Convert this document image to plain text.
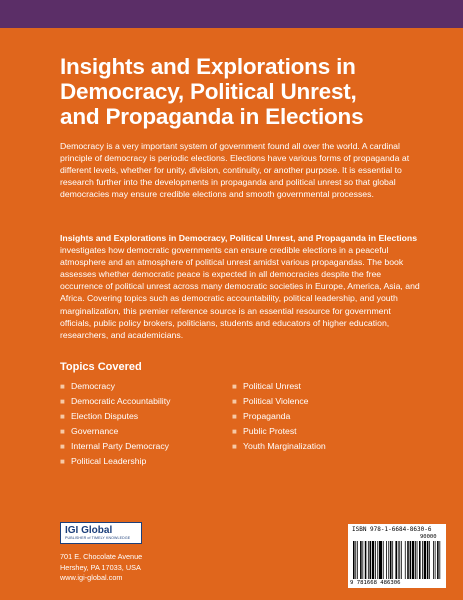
Insights and Explorations in
Democracy, Political Unrest,
and Propaganda in Elections

Democracy is a very important system of government found all over the world. A cardinal principle of democracy is periodic elections. Elections have various forms of propaganda at different levels, whether for unity, division, continuity, or another purpose. It is essential to research further into the developments in propaganda and political unrest so that global democracies may ensure credible elections and smooth governmental processes.

Insights and Explorations in Democracy, Political Unrest, and Propaganda in Elections investigates how democratic governments can ensure credible elections in a peaceful atmosphere and an atmosphere of political unrest amidst various propagandas. The book assesses whether democratic peace is expected in all democracies despite the free occurrence of political unrest across many democratic societies in Europe, America, Asia, and Africa. Covering topics such as democratic accountability, political leadership, and youth marginalization, this premier reference source is an essential resource for government officials, public policy brokers, politicians, students and educators of higher education, researchers, and academicians.

Topics Covered
■ Democracy
■ Democratic Accountability
■ Election Disputes
■ Governance
■ Internal Party Democracy
■ Political Leadership
■ Political Unrest
■ Political Violence
■ Propaganda
■ Public Protest
■ Youth Marginalization
IGI Global
PUBLISHER of TIMELY KNOWLEDGE
701 E. Chocolate Avenue
Hershey, PA 17033, USA
www.igi-global.com
ISBN 978-1-6684-8630-6
90000
9 781668 486306
